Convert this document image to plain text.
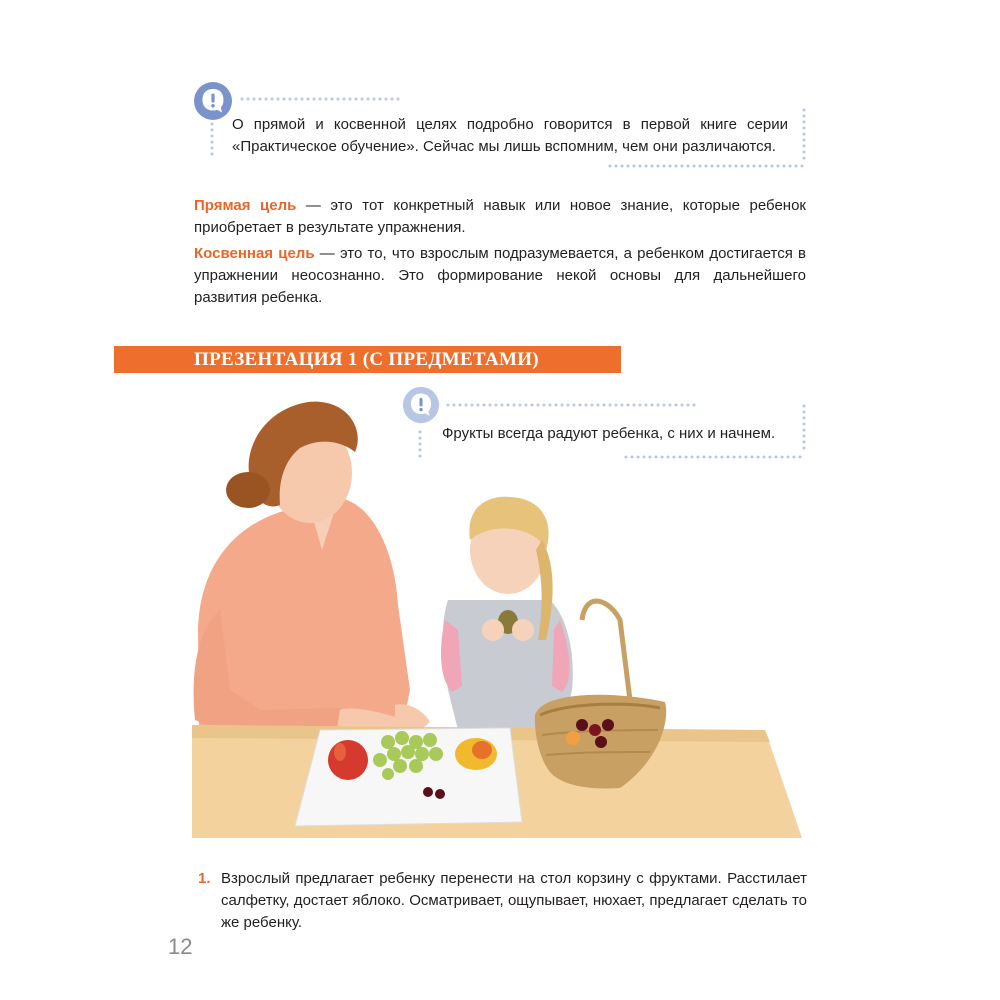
О прямой и косвенной целях подробно говорится в первой книге серии «Практическое обучение». Сейчас мы лишь вспомним, чем они различаются.
Прямая цель — это тот конкретный навык или новое знание, которые ребенок приобретает в результате упражнения.
Косвенная цель — это то, что взрослым подразумевается, а ребенком достигается в упражнении неосознанно. Это формирование некой основы для дальнейшего развития ребенка.
ПРЕЗЕНТАЦИЯ 1 (С ПРЕДМЕТАМИ)
Фрукты всегда радуют ребенка, с них и начнем.
1. Взрослый предлагает ребенку перенести на стол корзину с фруктами. Расстилает салфетку, достает яблоко. Осматривает, ощупывает, нюхает, предлагает сделать то же ребенку.
12
